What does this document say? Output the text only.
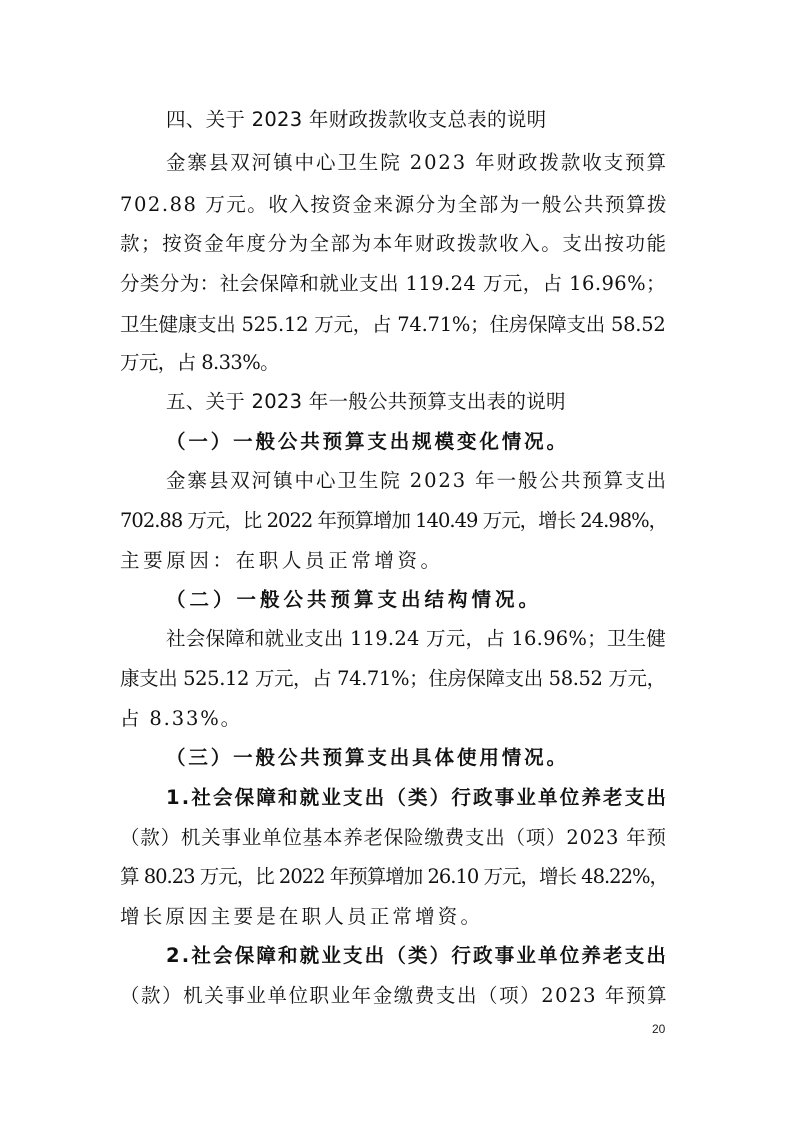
四、关于 2023 年财政拨款收支总表的说明

金寨县双河镇中心卫生院 2023 年财政拨款收支预算

702.88 万元。收入按资金来源分为全部为一般公共预算拨

款；按资金年度分为全部为本年财政拨款收入。支出按功能

分类分为：社会保障和就业支出 119.24 万元，占 16.96%；

卫生健康支出 525.12 万元，占 74.71%；住房保障支出 58.52

万元，占 8.33%。

五、关于 2023 年一般公共预算支出表的说明

（一）一般公共预算支出规模变化情况。

金寨县双河镇中心卫生院 2023 年一般公共预算支出

702.88 万元，比 2022 年预算增加 140.49 万元，增长 24.98%，

主要原因：在职人员正常增资。

（二）一般公共预算支出结构情况。

社会保障和就业支出 119.24 万元，占 16.96%；卫生健

康支出 525.12 万元，占 74.71%；住房保障支出 58.52 万元，

占 8.33%。

（三）一般公共预算支出具体使用情况。

1.社会保障和就业支出（类）行政事业单位养老支出

（款）机关事业单位基本养老保险缴费支出（项）2023 年预

算 80.23 万元，比 2022 年预算增加 26.10 万元，增长 48.22%，

增长原因主要是在职人员正常增资。

2.社会保障和就业支出（类）行政事业单位养老支出

（款）机关事业单位职业年金缴费支出（项）2023 年预算

20
